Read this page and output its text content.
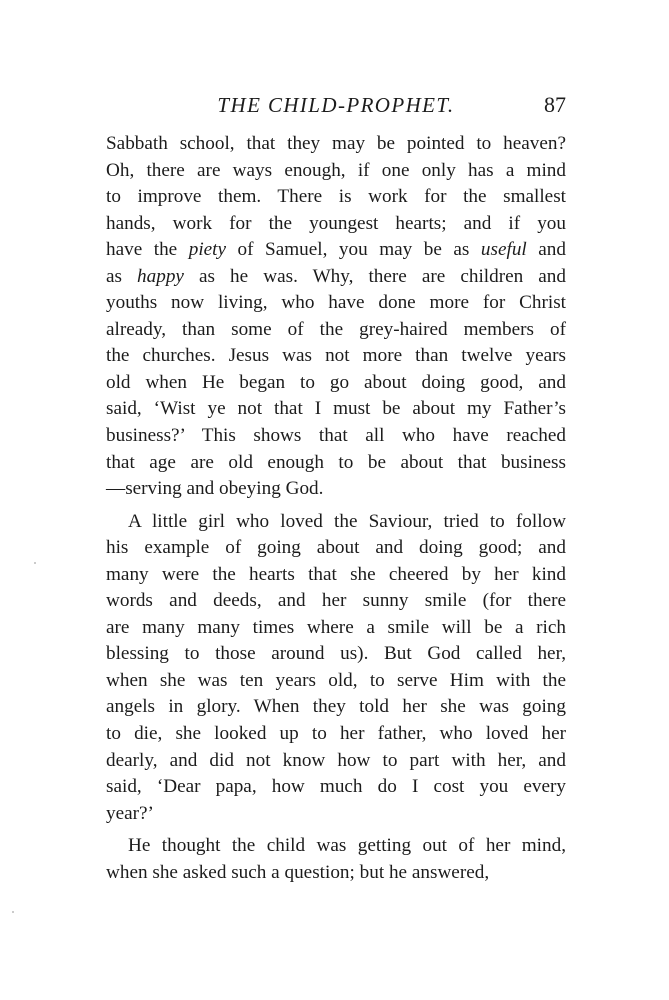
THE CHILD-PROPHET.	87
Sabbath school, that they may be pointed to heaven?
Oh, there are ways enough, if one only has a mind
to improve them. There is work for the smallest
hands, work for the youngest hearts; and if you
have the piety of Samuel, you may be as useful and
as happy as he was. Why, there are children and
youths now living, who have done more for Christ
already, than some of the grey-haired members of
the churches. Jesus was not more than twelve years
old when He began to go about doing good, and
said, ‘Wist ye not that I must be about my Father’s
business?’ This shows that all who have reached
that age are old enough to be about that business
—serving and obeying God.
A little girl who loved the Saviour, tried to follow
his example of going about and doing good; and
many were the hearts that she cheered by her kind
words and deeds, and her sunny smile (for there
are many many times where a smile will be a rich
blessing to those around us). But God called her,
when she was ten years old, to serve Him with the
angels in glory. When they told her she was going
to die, she looked up to her father, who loved her
dearly, and did not know how to part with her, and
said, ‘Dear papa, how much do I cost you every
year?’
He thought the child was getting out of her mind,
when she asked such a question; but he answered,
